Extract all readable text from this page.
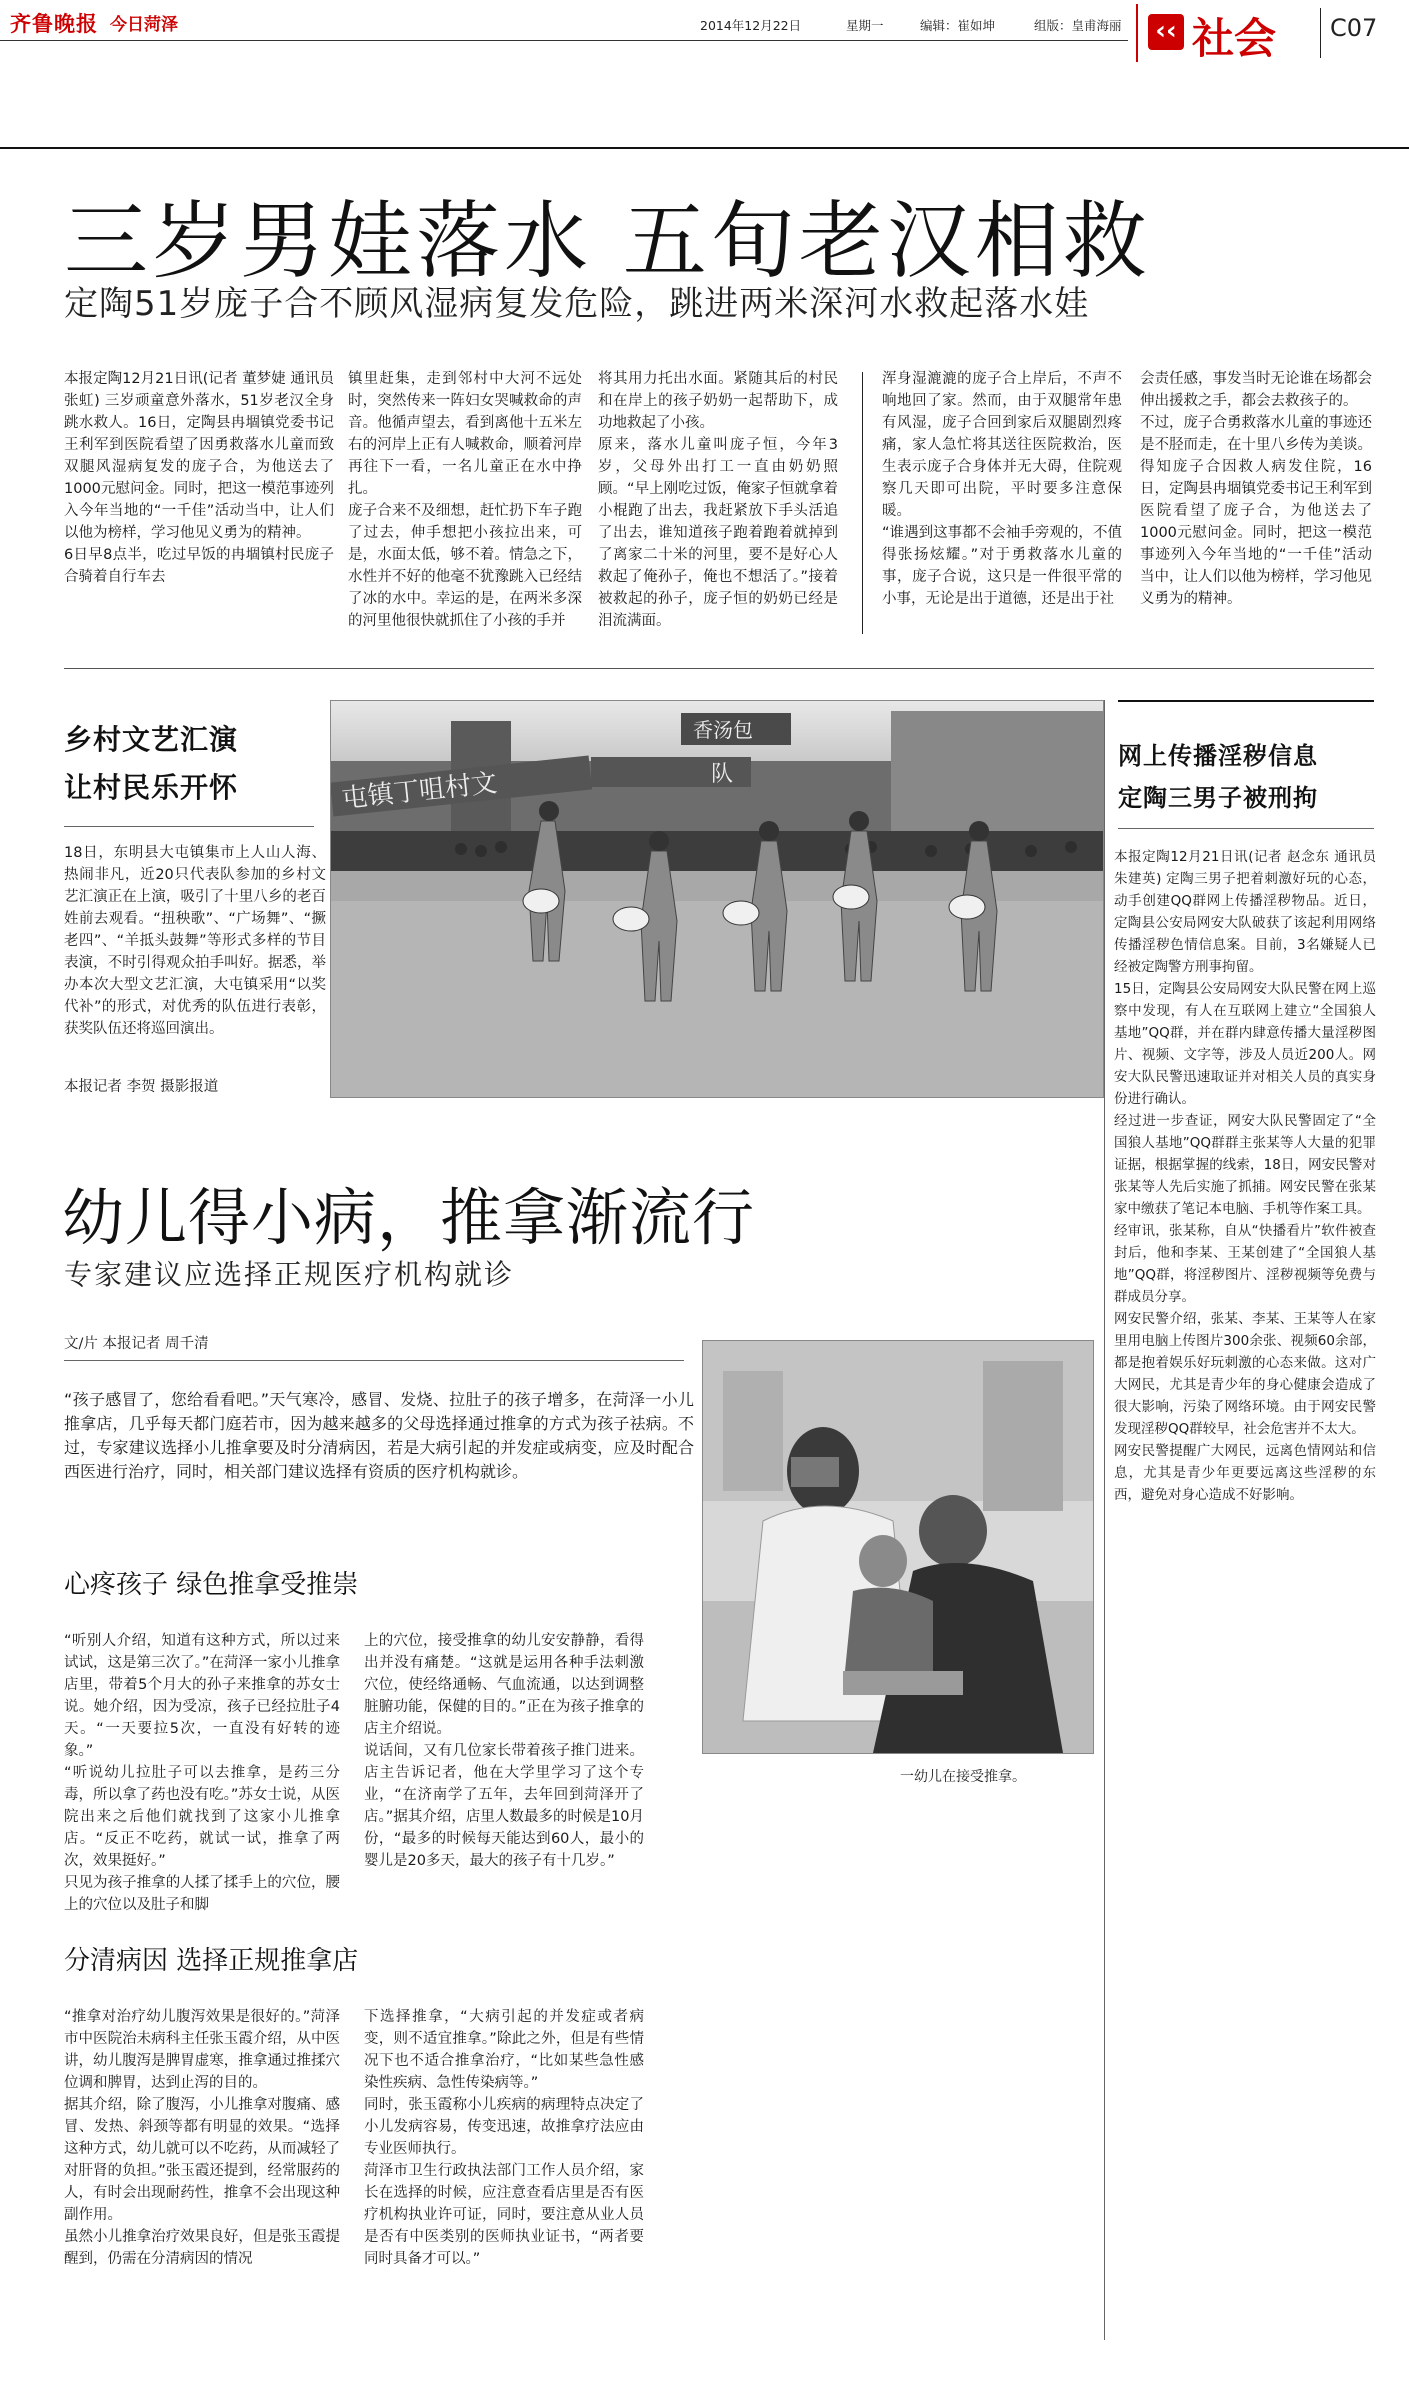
齐鲁晚报 今日菏泽	2014年12月22日	星期一	编辑：崔如坤	组版：皇甫海丽 ‹‹ 社会 C07
三岁男娃落水 五旬老汉相救
定陶51岁庞子合不顾风湿病复发危险，跳进两米深河水救起落水娃
本报定陶12月21日讯(记者 董梦婕 通讯员 张虹) 三岁顽童意外落水，51岁老汉全身跳水救人。16日，定陶县冉堌镇党委书记王利军到医院看望了因勇救落水儿童而致双腿风湿病复发的庞子合，为他送去了1000元慰问金。同时，把这一模范事迹列入今年当地的“一千佳”活动当中，让人们以他为榜样，学习他见义勇为的精神。
6日早8点半，吃过早饭的冉堌镇村民庞子合骑着自行车去
镇里赶集，走到邻村中大河不远处时，突然传来一阵妇女哭喊救命的声音。他循声望去，看到离他十五米左右的河岸上正有人喊救命，顺着河岸再往下一看，一名儿童正在水中挣扎。
庞子合来不及细想，赶忙扔下车子跑了过去，伸手想把小孩拉出来，可是，水面太低，够不着。情急之下，水性并不好的他毫不犹豫跳入已经结了冰的水中。幸运的是，在两米多深的河里他很快就抓住了小孩的手并
将其用力托出水面。紧随其后的村民和在岸上的孩子奶奶一起帮助下，成功地救起了小孩。
原来，落水儿童叫庞子恒，今年3岁，父母外出打工一直由奶奶照顾。“早上刚吃过饭，俺家子恒就拿着小棍跑了出去，我赶紧放下手头活追了出去，谁知道孩子跑着跑着就掉到了离家二十米的河里，要不是好心人救起了俺孙子，俺也不想活了。”接着被救起的孙子，庞子恒的奶奶已经是泪流满面。
浑身湿漉漉的庞子合上岸后，不声不响地回了家。然而，由于双腿常年患有风湿，庞子合回到家后双腿剧烈疼痛，家人急忙将其送往医院救治，医生表示庞子合身体并无大碍，住院观察几天即可出院，平时要多注意保暖。
“谁遇到这事都不会袖手旁观的，不值得张扬炫耀。”对于勇救落水儿童的事，庞子合说，这只是一件很平常的小事，无论是出于道德，还是出于社
会责任感，事发当时无论谁在场都会伸出援救之手，都会去救孩子的。
不过，庞子合勇救落水儿童的事迹还是不胫而走，在十里八乡传为美谈。得知庞子合因救人病发住院，16日，定陶县冉堌镇党委书记王利军到医院看望了庞子合，为他送去了1000元慰问金。同时，把这一模范事迹列入今年当地的“一千佳”活动当中，让人们以他为榜样，学习他见义勇为的精神。
乡村文艺汇演
让村民乐开怀
18日，东明县大屯镇集市上人山人海、热闹非凡，近20只代表队参加的乡村文艺汇演正在上演，吸引了十里八乡的老百姓前去观看。“扭秧歌”、“广场舞”、“撅老四”、“羊抵头鼓舞”等形式多样的节目表演，不时引得观众拍手叫好。据悉，举办本次大型文艺汇演，大屯镇采用“以奖代补”的形式，对优秀的队伍进行表彰，获奖队伍还将巡回演出。
本报记者 李贺 摄影报道
屯镇丁咀村文	队
香汤包
网上传播淫秽信息
定陶三男子被刑拘
本报定陶12月21日讯(记者 赵念东 通讯员 朱建英) 定陶三男子把着刺激好玩的心态，动手创建QQ群网上传播淫秽物品。近日，定陶县公安局网安大队破获了该起利用网络传播淫秽色情信息案。目前，3名嫌疑人已经被定陶警方刑事拘留。
15日，定陶县公安局网安大队民警在网上巡察中发现，有人在互联网上建立“全国狼人基地”QQ群，并在群内肆意传播大量淫秽图片、视频、文字等，涉及人员近200人。网安大队民警迅速取证并对相关人员的真实身份进行确认。
经过进一步查证，网安大队民警固定了“全国狼人基地”QQ群群主张某等人大量的犯罪证据，根据掌握的线索，18日，网安民警对张某等人先后实施了抓捕。网安民警在张某家中缴获了笔记本电脑、手机等作案工具。
经审讯，张某称，自从“快播看片”软件被查封后，他和李某、王某创建了“全国狼人基地”QQ群，将淫秽图片、淫秽视频等免费与群成员分享。
网安民警介绍，张某、李某、王某等人在家里用电脑上传图片300余张、视频60余部，都是抱着娱乐好玩刺激的心态来做。这对广大网民，尤其是青少年的身心健康会造成了很大影响，污染了网络环境。由于网安民警发现淫秽QQ群较早，社会危害并不太大。
网安民警提醒广大网民，远离色情网站和信息，尤其是青少年更要远离这些淫秽的东西，避免对身心造成不好影响。
幼儿得小病，推拿渐流行
专家建议应选择正规医疗机构就诊
文/片 本报记者 周千清
“孩子感冒了，您给看看吧。”天气寒冷，感冒、发烧、拉肚子的孩子增多，在菏泽一小儿推拿店，几乎每天都门庭若市，因为越来越多的父母选择通过推拿的方式为孩子祛病。不过，专家建议选择小儿推拿要及时分清病因，若是大病引起的并发症或病变，应及时配合西医进行治疗，同时，相关部门建议选择有资质的医疗机构就诊。
心疼孩子 绿色推拿受推崇
“听别人介绍，知道有这种方式，所以过来试试，这是第三次了。”在菏泽一家小儿推拿店里，带着5个月大的孙子来推拿的苏女士说。她介绍，因为受凉，孩子已经拉肚子4天。“一天要拉5次，一直没有好转的迹象。”
“听说幼儿拉肚子可以去推拿，是药三分毒，所以拿了药也没有吃。”苏女士说，从医院出来之后他们就找到了这家小儿推拿店。“反正不吃药，就试一试，推拿了两次，效果挺好。”
只见为孩子推拿的人揉了揉手上的穴位，腰上的穴位以及肚子和脚
上的穴位，接受推拿的幼儿安安静静，看得出并没有痛楚。“这就是运用各种手法刺激穴位，使经络通畅、气血流通，以达到调整脏腑功能，保健的目的。”正在为孩子推拿的店主介绍说。
说话间，又有几位家长带着孩子推门进来。店主告诉记者，他在大学里学习了这个专业，“在济南学了五年，去年回到菏泽开了店。”据其介绍，店里人数最多的时候是10月份，“最多的时候每天能达到60人，最小的婴儿是20多天，最大的孩子有十几岁。”
一幼儿在接受推拿。
分清病因 选择正规推拿店
“推拿对治疗幼儿腹泻效果是很好的。”菏泽市中医院治未病科主任张玉霞介绍，从中医讲，幼儿腹泻是脾胃虚寒，推拿通过推揉穴位调和脾胃，达到止泻的目的。
据其介绍，除了腹泻，小儿推拿对腹痛、感冒、发热、斜颈等都有明显的效果。“选择这种方式，幼儿就可以不吃药，从而减轻了对肝肾的负担。”张玉霞还提到，经常服药的人，有时会出现耐药性，推拿不会出现这种副作用。
虽然小儿推拿治疗效果良好，但是张玉霞提醒到，仍需在分清病因的情况
下选择推拿，“大病引起的并发症或者病变，则不适宜推拿。”除此之外，但是有些情况下也不适合推拿治疗，“比如某些急性感染性疾病、急性传染病等。”
同时，张玉霞称小儿疾病的病理特点决定了小儿发病容易，传变迅速，故推拿疗法应由专业医师执行。
菏泽市卫生行政执法部门工作人员介绍，家长在选择的时候，应注意查看店里是否有医疗机构执业许可证，同时，要注意从业人员是否有中医类别的医师执业证书，“两者要同时具备才可以。”
